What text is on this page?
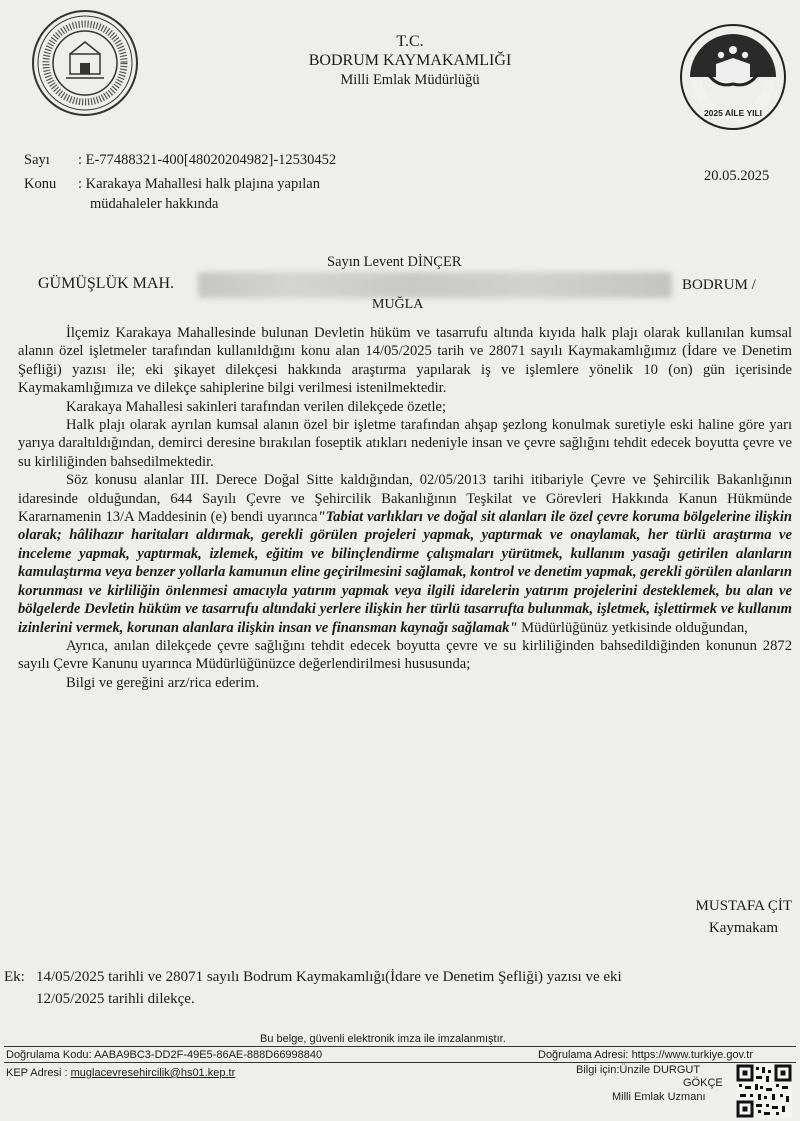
2025 AİLE YILI
T.C.
BODRUM KAYMAKAMLIĞI
Milli Emlak Müdürlüğü
Sayı : E-77488321-400[48020204982]-12530452
20.05.2025
Konu : Karakaya Mahallesi halk plajına yapılan
müdahaleler hakkında
Sayın Levent DİNÇER
GÜMÜŞLÜK MAH.	BODRUM /
MUĞLA

İlçemiz Karakaya Mahallesinde bulunan Devletin hüküm ve tasarrufu altında kıyıda halk plajı olarak kullanılan kumsal alanın özel işletmeler tarafından kullanıldığını konu alan 14/05/2025 tarih ve 28071 sayılı Kaymakamlığımız (İdare ve Denetim Şefliği) yazısı ile; eki şikayet dilekçesi hakkında araştırma yapılarak iş ve işlemlere yönelik 10 (on) gün içerisinde Kaymakamlığımıza ve dilekçe sahiplerine bilgi verilmesi istenilmektedir.

Karakaya Mahallesi sakinleri tarafından verilen dilekçede özetle;

Halk plajı olarak ayrılan kumsal alanın özel bir işletme tarafından ahşap şezlong konulmak suretiyle eski haline göre yarı yarıya daraltıldığından, demirci deresine bırakılan foseptik atıkları nedeniyle insan ve çevre sağlığını tehdit edecek boyutta çevre ve su kirliliğinden bahsedilmektedir.

Söz konusu alanlar III. Derece Doğal Sitte kaldığından, 02/05/2013 tarihi itibariyle Çevre ve Şehircilik Bakanlığının idaresinde olduğundan, 644 Sayılı Çevre ve Şehircilik Bakanlığının Teşkilat ve Görevleri Hakkında Kanun Hükmünde Kararnamenin 13/A Maddesinin (e) bendi uyarınca"Tabiat varlıkları ve doğal sit alanları ile özel çevre koruma bölgelerine ilişkin olarak; hâlihazır haritaları aldırmak, gerekli görülen projeleri yapmak, yaptırmak ve onaylamak, her türlü araştırma ve inceleme yapmak, yaptırmak, izlemek, eğitim ve bilinçlendirme çalışmaları yürütmek, kullanım yasağı getirilen alanların kamulaştırma veya benzer yollarla kamunun eline geçirilmesini sağlamak, kontrol ve denetim yapmak, gerekli görülen alanların korunması ve kirliliğin önlenmesi amacıyla yatırım yapmak veya ilgili idarelerin yatırım projelerini desteklemek, bu alan ve bölgelerde Devletin hüküm ve tasarrufu altındaki yerlere ilişkin her türlü tasarrufta bulunmak, işletmek, işlettirmek ve kullanım izinlerini vermek, korunan alanlara ilişkin insan ve finansman kaynağı sağlamak" Müdürlüğünüz yetkisinde olduğundan,

Ayrıca, anılan dilekçede çevre sağlığını tehdit edecek boyutta çevre ve su kirliliğinden bahsedildiğinden konunun 2872 sayılı Çevre Kanunu uyarınca Müdürlüğünüzce değerlendirilmesi hususunda;

Bilgi ve gereğini arz/rica ederim.

MUSTAFA ÇİT
Kaymakam
Ek: 14/05/2025 tarihli ve 28071 sayılı Bodrum Kaymakamlığı(İdare ve Denetim Şefliği) yazısı ve eki
12/05/2025 tarihli dilekçe.
Bu belge, güvenli elektronik imza ile imzalanmıştır.
Doğrulama Kodu: AABA9BC3-DD2F-49E5-86AE-888D66998840	Doğrulama Adresi: https://www.turkiye.gov.tr
KEP Adresi : muglacevresehircilik@hs01.kep.tr	Bilgi için:Ünzile DURGUT
GÖKÇE
Milli Emlak Uzmanı
